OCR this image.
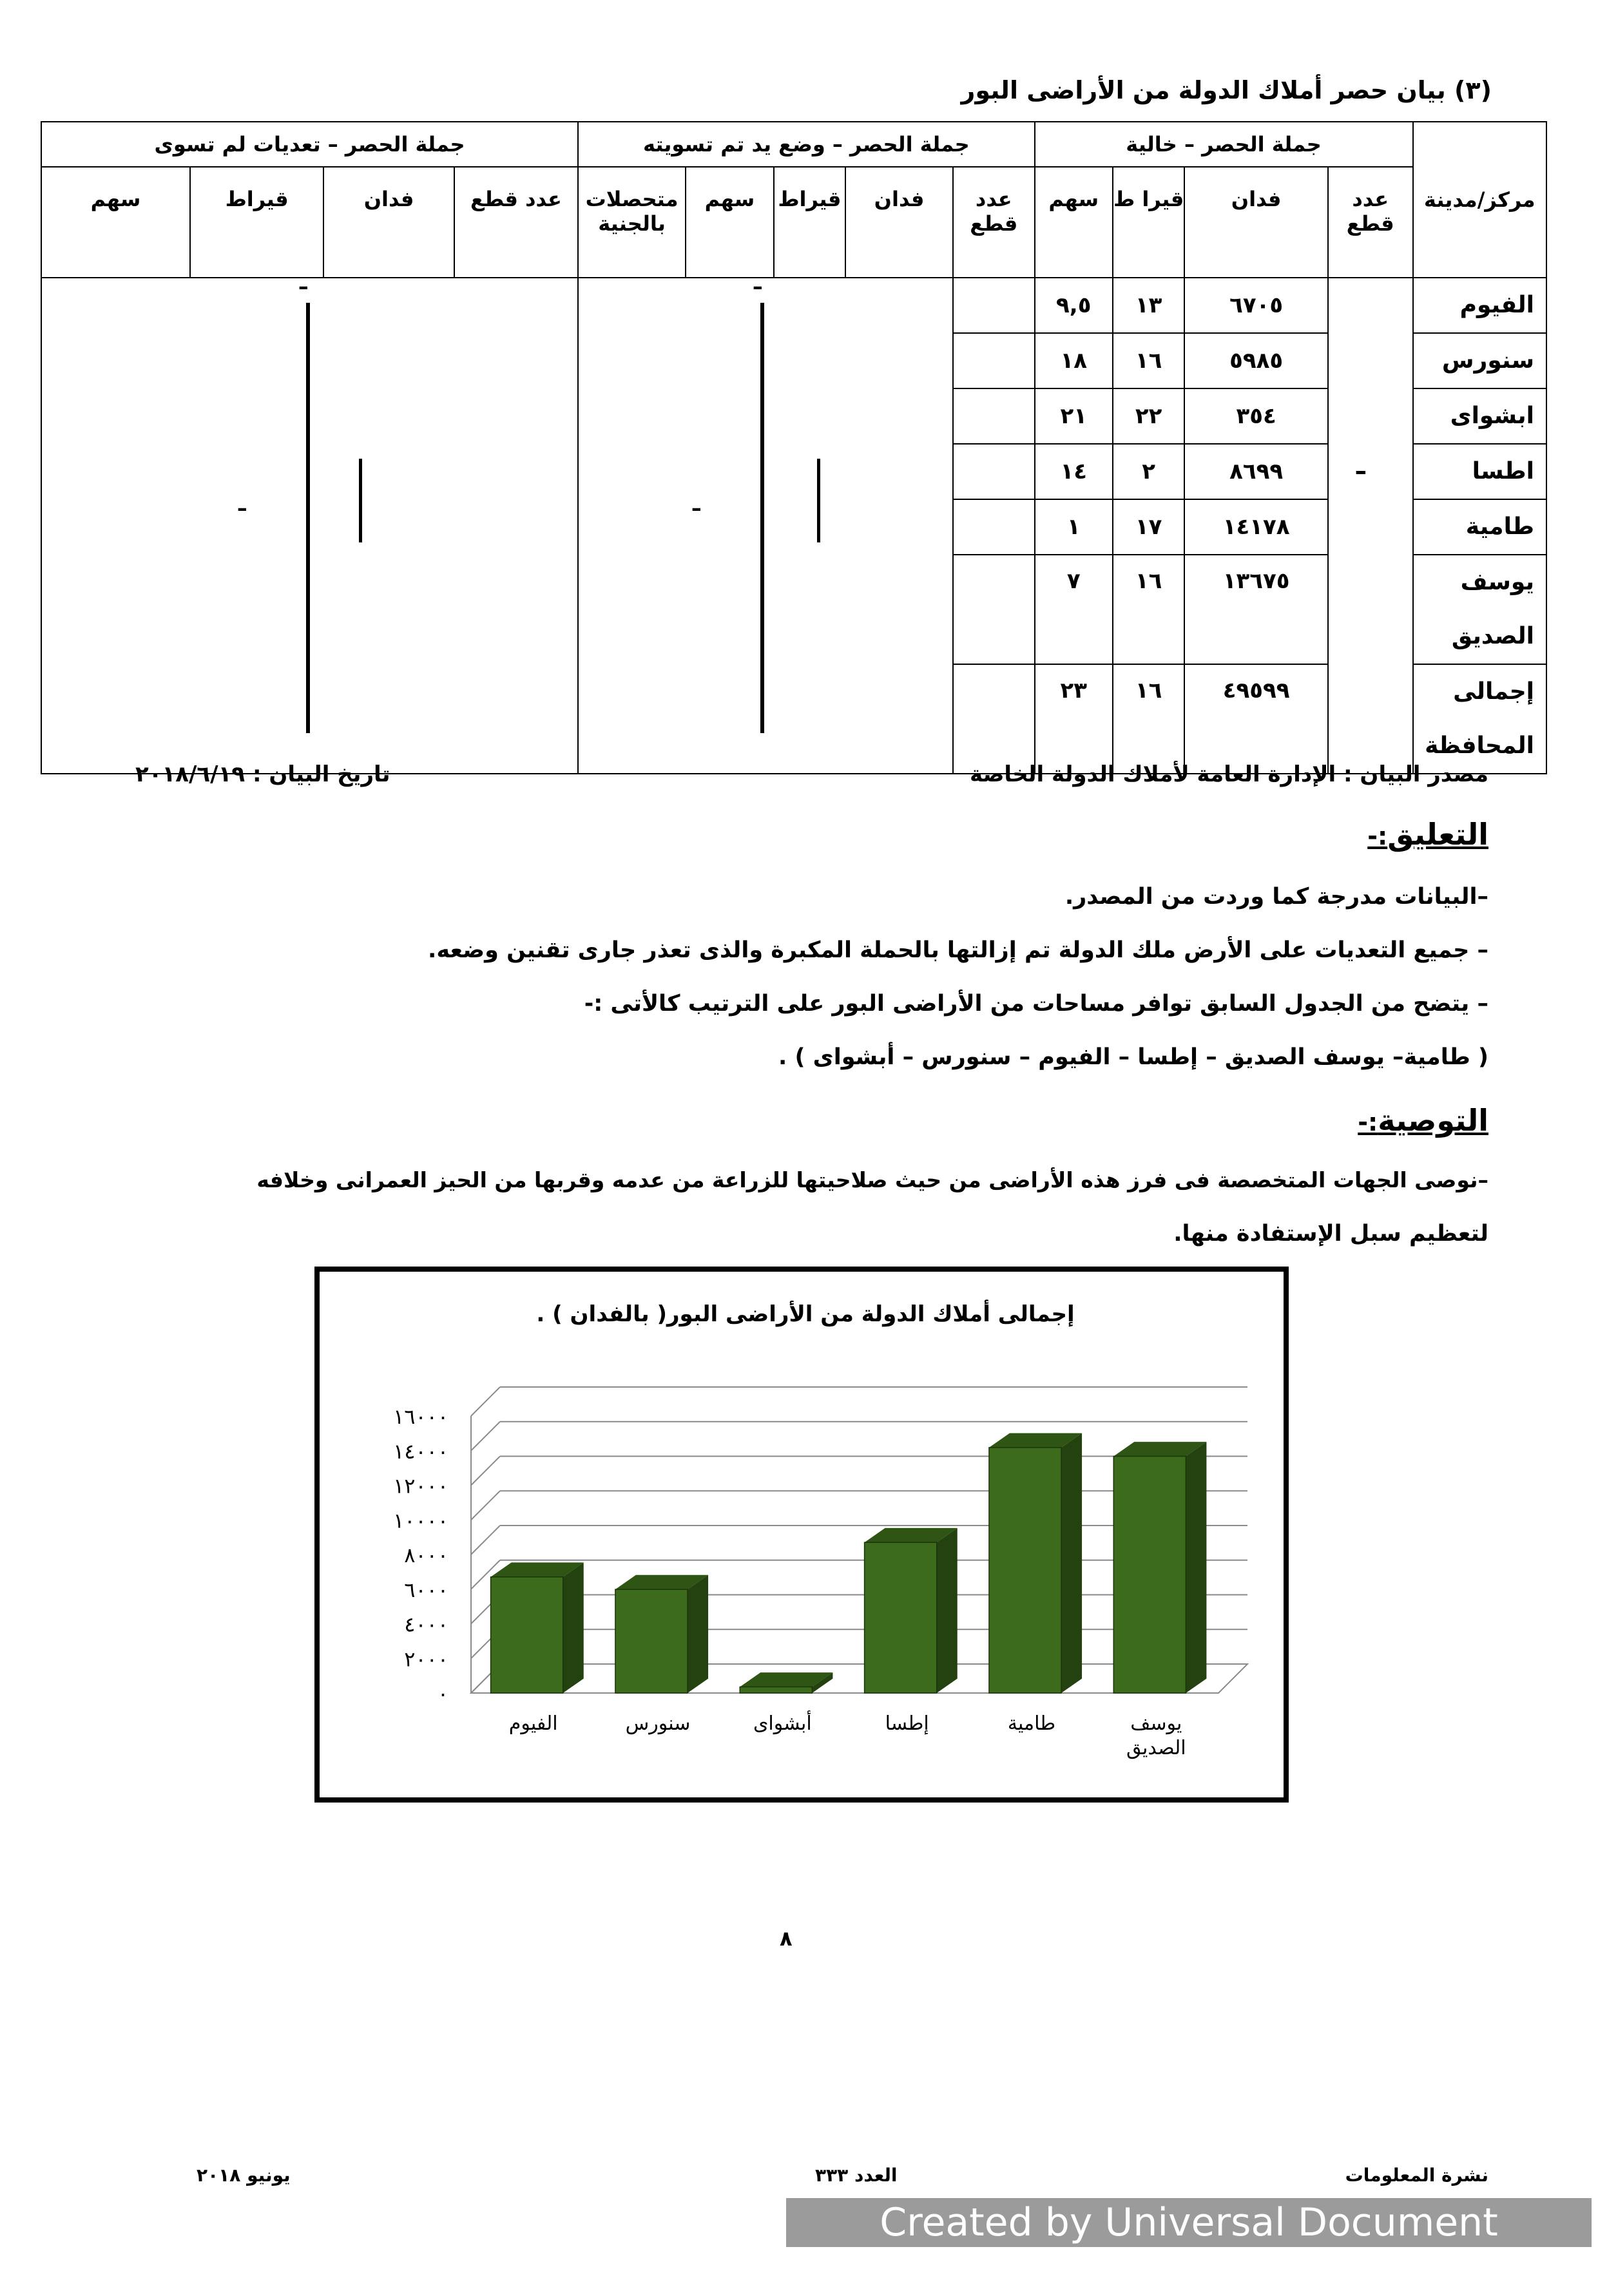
(٣) بيان حصر أملاك الدولة من الأراضى البور
مركز/مدينة	جملة الحصر – خالية				جملة الحصر – وضع يد تم تسويته					جملة الحصر – تعديات لم تسوى			
	عدد قطع	فدان	قيرا ط	سهم	عدد قطع	فدان	قيراط	سهم	متحصلات بالجنية	عدد قطع	فدان	قيراط	سهم
الفيوم		٦٧٠٥	١٣	٩,٥									
سنورس		٥٩٨٥	١٦	١٨									
ابشواى		٣٥٤	٢٢	٢١									
اطسا		٨٦٩٩	٢	١٤									
طامية		١٤١٧٨	١٧	١									
يوسف الصديق		١٣٦٧٥	١٦	٧									
إجمالى المحافظة		٤٩٥٩٩	١٦	٢٣									
ـ	ـ
ـ	ـ
ـ
مصدر البيان : الإدارة العامة لأملاك الدولة الخاصة
تاريخ البيان : ٢٠١٨/٦/١٩
التعليق:-
–البيانات مدرجة كما وردت من المصدر.
– جميع التعديات على الأرض ملك الدولة تم إزالتها بالحملة المكبرة والذى تعذر جارى تقنين وضعه.
– يتضح من الجدول السابق توافر مساحات من الأراضى البور على الترتيب كالأتى :-
( طامية– يوسف الصديق – إطسا – الفيوم – سنورس – أبشواى ) .
التوصية:-
–نوصى الجهات المتخصصة فى فرز هذه الأراضى من حيث صلاحيتها للزراعة من عدمه وقربها من الحيز العمرانى وخلافه
لتعظيم سبل الإستفادة منها.
إجمالى أملاك الدولة من الأراضى البور( بالفدان ) .
٠
٢٠٠٠
٤٠٠٠
٦٠٠٠
٨٠٠٠
١٠٠٠٠
١٢٠٠٠
١٤٠٠٠
١٦٠٠٠
الفيوم	سنورس	أبشواى	إطسا	طامية	يوسف
الصديق
٨
نشرة المعلومات
العدد ٣٣٣
يونيو ٢٠١٨
Created by Universal Document Converter
